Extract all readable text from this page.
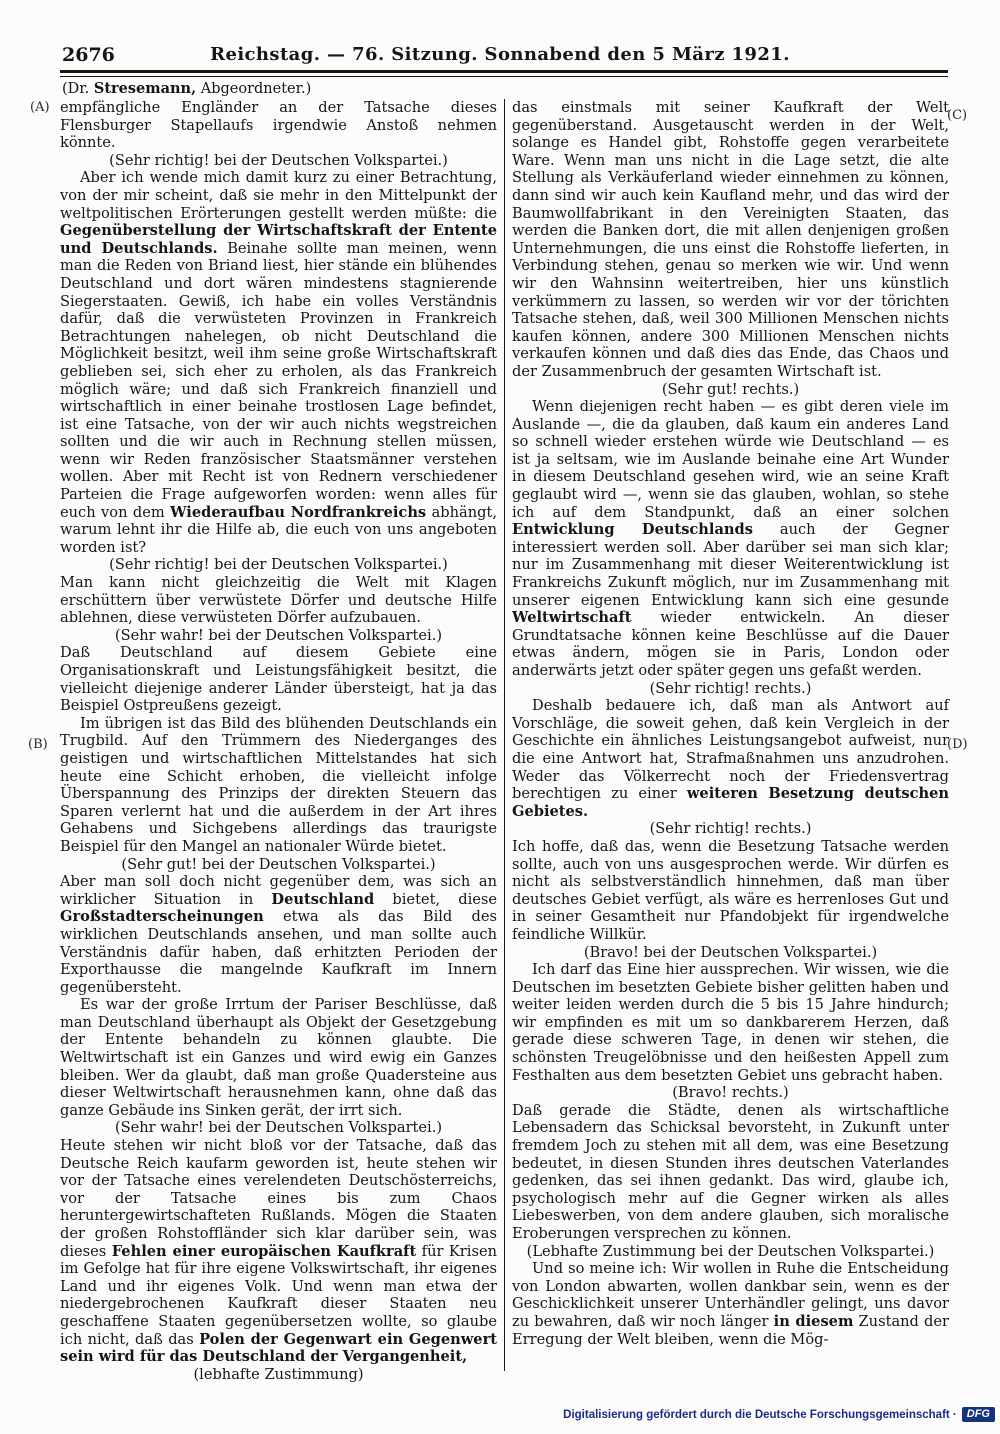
2676	Reichstag. — 76. Sitzung. Sonnabend den 5 März 1921.
(Dr. Stresemann, Abgeordneter.)
(A)
(B)
(C)
(D)

empfängliche Engländer an der Tatsache dieses Flensburger Stapellaufs irgendwie Anstoß nehmen könnte.

(Sehr richtig! bei der Deutschen Volkspartei.)

Aber ich wende mich damit kurz zu einer Betrachtung, von der mir scheint, daß sie mehr in den Mittelpunkt der weltpolitischen Erörterungen gestellt werden müßte: die Gegenüberstellung der Wirtschaftskraft der Entente und Deutschlands. Beinahe sollte man meinen, wenn man die Reden von Briand liest, hier stände ein blühendes Deutschland und dort wären mindestens stagnierende Siegerstaaten. Gewiß, ich habe ein volles Verständnis dafür, daß die verwüsteten Provinzen in Frankreich Betrachtungen nahelegen, ob nicht Deutschland die Möglichkeit besitzt, weil ihm seine große Wirtschaftskraft geblieben sei, sich eher zu erholen, als das Frankreich möglich wäre; und daß sich Frankreich finanziell und wirtschaftlich in einer beinahe trostlosen Lage befindet, ist eine Tatsache, von der wir auch nichts wegstreichen sollten und die wir auch in Rechnung stellen müssen, wenn wir Reden französischer Staatsmänner verstehen wollen. Aber mit Recht ist von Rednern verschiedener Parteien die Frage aufgeworfen worden: wenn alles für euch von dem Wiederaufbau Nordfrankreichs abhängt, warum lehnt ihr die Hilfe ab, die euch von uns angeboten worden ist?

(Sehr richtig! bei der Deutschen Volkspartei.)

Man kann nicht gleichzeitig die Welt mit Klagen erschüttern über verwüstete Dörfer und deutsche Hilfe ablehnen, diese verwüsteten Dörfer aufzubauen.

(Sehr wahr! bei der Deutschen Volkspartei.)

Daß Deutschland auf diesem Gebiete eine Organisationskraft und Leistungsfähigkeit besitzt, die vielleicht diejenige anderer Länder übersteigt, hat ja das Beispiel Ostpreußens gezeigt.

Im übrigen ist das Bild des blühenden Deutschlands ein Trugbild. Auf den Trümmern des Niederganges des geistigen und wirtschaftlichen Mittelstandes hat sich heute eine Schicht erhoben, die vielleicht infolge Überspannung des Prinzips der direkten Steuern das Sparen verlernt hat und die außerdem in der Art ihres Gehabens und Sichgebens allerdings das traurigste Beispiel für den Mangel an nationaler Würde bietet.

(Sehr gut! bei der Deutschen Volkspartei.)

Aber man soll doch nicht gegenüber dem, was sich an wirklicher Situation in Deutschland bietet, diese Großstadterscheinungen etwa als das Bild des wirklichen Deutschlands ansehen, und man sollte auch Verständnis dafür haben, daß erhitzten Perioden der Exporthausse die mangelnde Kaufkraft im Innern gegenübersteht.

Es war der große Irrtum der Pariser Beschlüsse, daß man Deutschland überhaupt als Objekt der Gesetzgebung der Entente behandeln zu können glaubte. Die Weltwirtschaft ist ein Ganzes und wird ewig ein Ganzes bleiben. Wer da glaubt, daß man große Quadersteine aus dieser Weltwirtschaft herausnehmen kann, ohne daß das ganze Gebäude ins Sinken gerät, der irrt sich.

(Sehr wahr! bei der Deutschen Volkspartei.)

Heute stehen wir nicht bloß vor der Tatsache, daß das Deutsche Reich kaufarm geworden ist, heute stehen wir vor der Tatsache eines verelendeten Deutschösterreichs, vor der Tatsache eines bis zum Chaos heruntergewirtschafteten Rußlands. Mögen die Staaten der großen Rohstoffländer sich klar darüber sein, was dieses Fehlen einer europäischen Kaufkraft für Krisen im Gefolge hat für ihre eigene Volkswirtschaft, ihr eigenes Land und ihr eigenes Volk. Und wenn man etwa der niedergebrochenen Kaufkraft dieser Staaten neu geschaffene Staaten gegenübersetzen wollte, so glaube ich nicht, daß das Polen der Gegenwart ein Gegenwert sein wird für das Deutschland der Vergangenheit,

(lebhafte Zustimmung)

das einstmals mit seiner Kaufkraft der Welt gegenüberstand. Ausgetauscht werden in der Welt, solange es Handel gibt, Rohstoffe gegen verarbeitete Ware. Wenn man uns nicht in die Lage setzt, die alte Stellung als Verkäuferland wieder einnehmen zu können, dann sind wir auch kein Kaufland mehr, und das wird der Baumwollfabrikant in den Vereinigten Staaten, das werden die Banken dort, die mit allen denjenigen großen Unternehmungen, die uns einst die Rohstoffe lieferten, in Verbindung stehen, genau so merken wie wir. Und wenn wir den Wahnsinn weitertreiben, hier uns künstlich verkümmern zu lassen, so werden wir vor der törichten Tatsache stehen, daß, weil 300 Millionen Menschen nichts kaufen können, andere 300 Millionen Menschen nichts verkaufen können und daß dies das Ende, das Chaos und der Zusammenbruch der gesamten Wirtschaft ist.

(Sehr gut! rechts.)

Wenn diejenigen recht haben — es gibt deren viele im Auslande —, die da glauben, daß kaum ein anderes Land so schnell wieder erstehen würde wie Deutschland — es ist ja seltsam, wie im Auslande beinahe eine Art Wunder in diesem Deutschland gesehen wird, wie an seine Kraft geglaubt wird —, wenn sie das glauben, wohlan, so stehe ich auf dem Standpunkt, daß an einer solchen Entwicklung Deutschlands auch der Gegner interessiert werden soll. Aber darüber sei man sich klar; nur im Zusammenhang mit dieser Weiterentwicklung ist Frankreichs Zukunft möglich, nur im Zusammenhang mit unserer eigenen Entwicklung kann sich eine gesunde Weltwirtschaft wieder entwickeln. An dieser Grundtatsache können keine Beschlüsse auf die Dauer etwas ändern, mögen sie in Paris, London oder anderwärts jetzt oder später gegen uns gefaßt werden.

(Sehr richtig! rechts.)

Deshalb bedauere ich, daß man als Antwort auf Vorschläge, die soweit gehen, daß kein Vergleich in der Geschichte ein ähnliches Leistungsangebot aufweist, nur die eine Antwort hat, Strafmaßnahmen uns anzudrohen. Weder das Völkerrecht noch der Friedensvertrag berechtigen zu einer weiteren Besetzung deutschen Gebietes.

(Sehr richtig! rechts.)

Ich hoffe, daß das, wenn die Besetzung Tatsache werden sollte, auch von uns ausgesprochen werde. Wir dürfen es nicht als selbstverständlich hinnehmen, daß man über deutsches Gebiet verfügt, als wäre es herrenloses Gut und in seiner Gesamtheit nur Pfandobjekt für irgendwelche feindliche Willkür.

(Bravo! bei der Deutschen Volkspartei.)

Ich darf das Eine hier aussprechen. Wir wissen, wie die Deutschen im besetzten Gebiete bisher gelitten haben und weiter leiden werden durch die 5 bis 15 Jahre hindurch; wir empfinden es mit um so dankbarerem Herzen, daß gerade diese schweren Tage, in denen wir stehen, die schönsten Treugelöbnisse und den heißesten Appell zum Festhalten aus dem besetzten Gebiet uns gebracht haben.

(Bravo! rechts.)

Daß gerade die Städte, denen als wirtschaftliche Lebensadern das Schicksal bevorsteht, in Zukunft unter fremdem Joch zu stehen mit all dem, was eine Besetzung bedeutet, in diesen Stunden ihres deutschen Vaterlandes gedenken, das sei ihnen gedankt. Das wird, glaube ich, psychologisch mehr auf die Gegner wirken als alles Liebeswerben, von dem andere glauben, sich moralische Eroberungen versprechen zu können.

(Lebhafte Zustimmung bei der Deutschen Volkspartei.)

Und so meine ich: Wir wollen in Ruhe die Entscheidung von London abwarten, wollen dankbar sein, wenn es der Geschicklichkeit unserer Unterhändler gelingt, uns davor zu bewahren, daß wir noch länger in diesem Zustand der Erregung der Welt bleiben, wenn die Mög-

Digitalisierung gefördert durch die Deutsche Forschungsgemeinschaft · DFG
